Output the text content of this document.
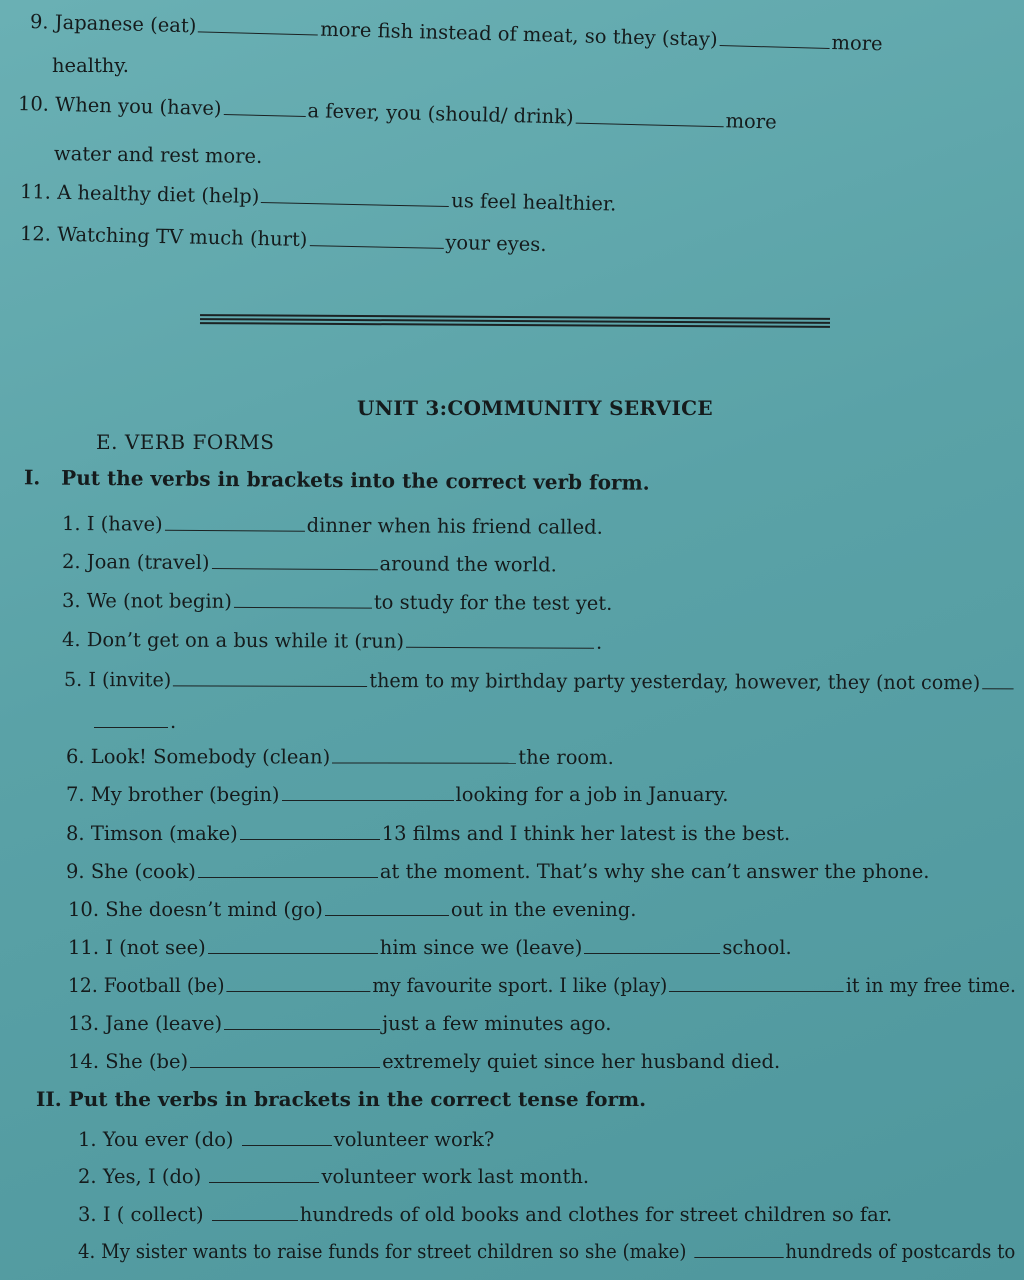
9. Japanese (eat)	more fish instead of meat, so they (stay)	more
healthy.
10. When you (have)	a fever, you (should/ drink)	more
water and rest more.
11. A healthy diet (help)	us feel healthier.
12. Watching TV much (hurt)	your eyes.
UNIT 3:COMMUNITY SERVICE
E. VERB FORMS
I. Put the verbs in brackets into the correct verb form.
1. I (have)	dinner when his friend called.
2. Joan (travel)	around the world.
3. We (not begin)	to study for the test yet.
4. Don’t get on a bus while it (run)	.
5. I (invite)	them to my birthday party yesterday, however, they (not come)
.
6. Look! Somebody (clean)	the room.
7. My brother (begin)	looking for a job in January.
8. Timson (make)	13 films and I think her latest is the best.
9. She (cook)	at the moment. That’s why she can’t answer the phone.
10. She doesn’t mind (go)	out in the evening.
11. I (not see)	him since we (leave)	school.
12. Football (be)	my favourite sport. I like (play)	it in my free time.
13. Jane (leave)	just a few minutes ago.
14. She (be)	extremely quiet since her husband died.
II. Put the verbs in brackets in the correct tense form.
1. You ever (do)	volunteer work?
2. Yes, I (do)	volunteer work last month.
3. I ( collect)	hundreds of old books and clothes for street children so far.
4. My sister wants to raise funds for street children so she (make)	hundreds of postcards to
